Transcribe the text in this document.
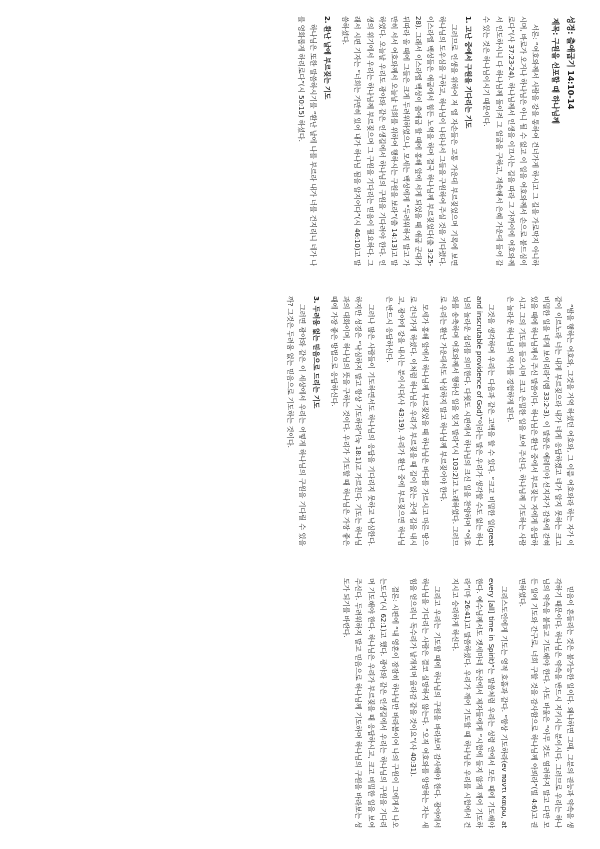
성경: 출애굽기 14:10-14
제목: 구원을 선포할 때 하나님께

서론: “여호와께서 사람을 강을 통하여 건너가게 하시고 그 길을 가로막지 아니하시며, 바로가 오거나 하나님은 아니 될 수 없고 이 일을 여호와께서 손으로 붙드심이로다”(사 37:23-24). 하나님께서 인생을 이끄시는 길을 따라 그 가까이에 여호와께서 인도하시니 다 하나님께 돌이켜 그 얼굴을 구하고, 계속해서 은혜 가운데 들어 갈 수 있는 것은 하나님이시기 때문이다.

1. 고난 중에서 구원을 기다리는 기도

그러므로 인생을 위하여 저 엘 자손들은 고통 가운데 부르짖었으며 기록에 보면 하나님의 도우심을 구하고, 하나님이 나타나서 그들을 구원하여 주실 것을 기다렸다. 이스라엘 백성들은 애굽에서 힘든 노역을 하며 결국 하나님께 부르짖었다(출 3:25-28). 그래서 이스라엘 백성이 출애굽 할 때에 홍해 앞에 서게 되었을 때 애굽 군대가 뒤따라 올 때에 그들은 크게 두려워하였으나, 모세는 백성에게 “두려워하지 말고 가만히 서서 여호와께서 오늘날 너희를 위하여 행하시는 구원을 보라”(출 14:13)고 말하였다. 오늘날 우리도 광야와 같은 인생길에서 하나님의 구원을 기다려야 한다. 인생의 위기에서 우리는 하나님께 부르짖으며 그 구원을 기다리는 믿음이 필요하다. 그래서 시편 기자는 “너희는 가만히 있어 내가 하나님 됨을 알지어다”(시 46:10)고 말씀하셨다.

2. 환난 날에 부르짖는 기도

하나님은 또한 말씀하시기를 “환난 날에 나를 부르라 내가 너를 건지리니 네가 나를 영화롭게 하리로다”(시 50:15) 하셨다.

“밤을 행하는 여호와, 그것을 거역 하셨던 여호와, 그 이름 여호와라 하는 자가 이같이 이르노라 너는 내게 부르짖으라 내가 네게 응답하겠고 네가 알지 못하는 크고 비밀한 일을 네게 보이리라”(렘 33:2-3). 이 말씀은 예레미야 선지자가 감옥에 갇혀 있을 때에 하나님께서 주신 말씀이다. 하나님은 환난 중에서 부르짖는 자에게 응답하시고 그의 기도를 들으시며 크고 은밀한 일을 보여 주신다. 하나님께 기도하는 사람은 놀라운 하나님의 역사를 경험하게 된다.

그것을 생각하며 우리는 다음과 같은 고백을 할 수 있다. “크고 비밀한 일(great and inscrutable providence of God)”이라는 말은 우리가 생각할 수도 없는 하나님의 놀라운 섭리를 의미한다. 다윗도 시편에서 하나님의 크신 일을 찬양하며 “여호와를 송축하며 여호와께서 행하신 일을 잊지 말라”(시 103:2)고 노래하였다. 그러므로 우리는 환난 가운데서도 낙심하지 말고 하나님께 부르짖어야 한다.

모세가 홍해 앞에서 하나님께 부르짖었을 때 하나님은 바다를 가르시고 마른 땅으로 건너가게 하셨다. 이처럼 하나님은 우리가 부르짖을 때 길이 없는 곳에 길을 내시고, 광야에 강을 내시는 분이시다(사 43:19). 우리가 환난 중에 부르짖으면 하나님은 반드시 응답하신다.

그러나 많은 사람들이 기도하면서도 하나님의 응답을 기다리지 못하고 낙심한다. 하지만 성경은 “낙심하지 말고 항상 기도하라”(눅 18:1)고 가르친다. 기도는 하나님과의 대화이며, 하나님의 뜻을 구하는 것이다. 우리가 기도할 때 하나님은 가장 좋은 때에 가장 좋은 방법으로 응답하신다.

3. 두려움 없는 믿음으로 드리는 기도

그러면 광야와 같은 이 세상에서 우리는 어떻게 하나님의 구원을 기다릴 수 있을까? 그것은 두려움 없는 믿음으로 기도하는 것이다.

믿음이 흔들리는 것은 불가능한 일이다. 왜냐하면 그때, 그분의 권능과 약속을 생각하기 때문이다. 하나님은 약속을 반드시 지키시는 분이시다. 그러므로 우리는 하나님의 약속을 붙들고 기도해야 한다. 사도 바울은 “아무 것도 염려하지 말고 다만 모든 일에 기도와 간구로, 너희 구할 것을 감사함으로 하나님께 아뢰라”(빌 4:6)고 권면하였다.

그리스도인에게 기도는 영적 호흡과 같다. “항상 기도하라(ev παντι καιρω, at every [all] time in Spirit)”는 말씀처럼 우리는 성령 안에서 모든 때에 기도해야 한다. 예수님께서도 겟세마네 동산에서 제자들에게 “시험에 들지 않게 깨어 기도하라”(마 26:41)고 말씀하셨다. 우리가 깨어 기도할 때 하나님은 우리를 시험에서 건지시고 승리하게 하신다.

그리고 우리는 기도할 때에 하나님의 구원을 바라보며 감사해야 한다. 광야에서 하나님을 기다리는 사람은 결코 실망하지 않는다. “오직 여호와를 앙망하는 자는 새 힘을 얻으리니 독수리가 날개치며 올라감 같을 것이요”(사 40:31).

결론: 시편에 “내 영혼이 잠잠히 하나님만 바라봄이여 나의 구원이 그에게서 나오는도다”(시 62:1)고 했다. 광야와 같은 인생길에서 우리는 하나님의 구원을 기다리며 기도해야 한다. 하나님은 우리가 부르짖을 때 응답하시고, 크고 비밀한 일을 보여 주신다. 두려워하지 말고 믿음으로 하나님께 기도하며 하나님의 구원을 바라보는 성도가 되기를 바란다.
